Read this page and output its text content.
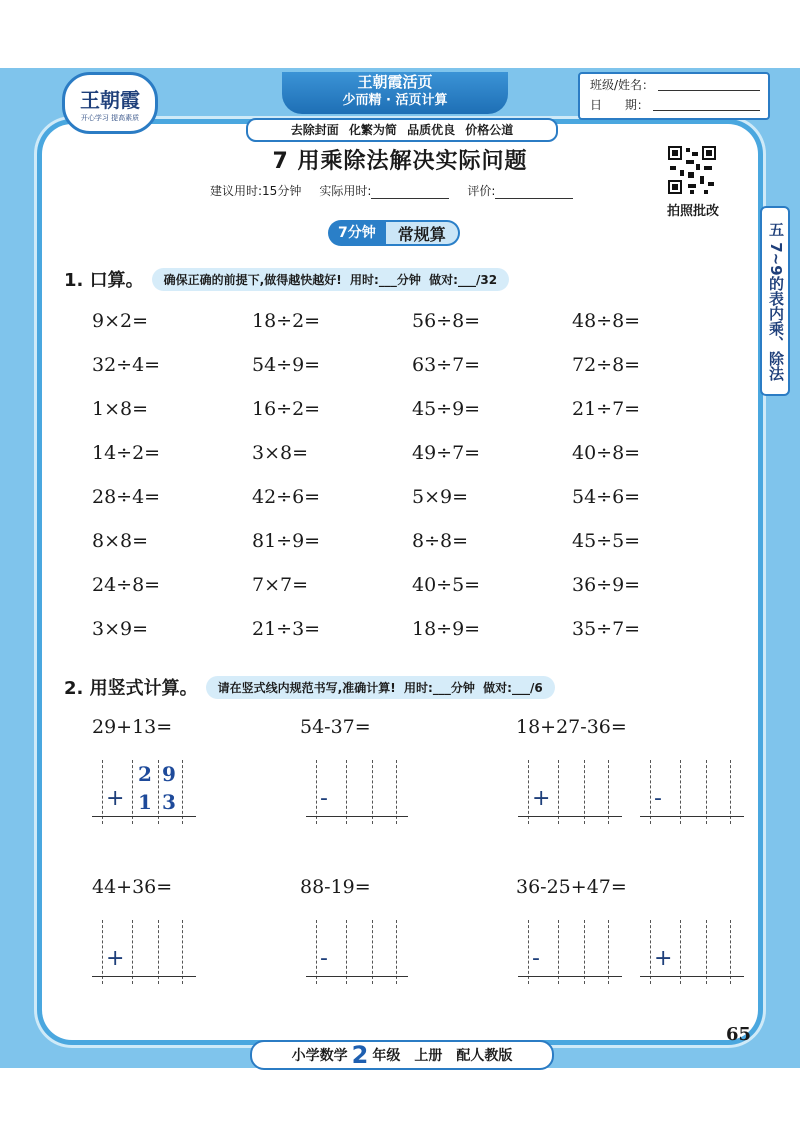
王朝霞
开心学习 提高素质
王朝霞活页
少而精 · 活页计算
班级/姓名：
日      期：
去除封面 化繁为简 品质优良 价格公道
7 用乘除法解决实际问题
建议用时:15分钟 实际用时:	评价:
拍照批改
五 7~9的表内乘、除法
7分钟	常规算
1. 口算。	确保正确的前提下,做得越快越好!  用时:___分钟  做对:___/32
9×2=	18÷2=	56÷8=	48÷8=
32÷4=	54÷9=	63÷7=	72÷8=
1×8=	16÷2=	45÷9=	21÷7=
14÷2=	3×8=	49÷7=	40÷8=
28÷4=	42÷6=	5×9=	54÷6=
8×8=	81÷9=	8÷8=	45÷5=
24÷8=	7×7=	40÷5=	36÷9=
3×9=	21÷3=	18÷9=	35÷7=
2. 用竖式计算。	请在竖式线内规范书写,准确计算!  用时:___分钟  做对:___/6
29+13=	54-37=	18+27-36=
44+36=	88-19=	36-25+47=
+	-	+	-
+	-	-	+
2 9
1 3
小学数学 2 年级 上册 配人教版
65
